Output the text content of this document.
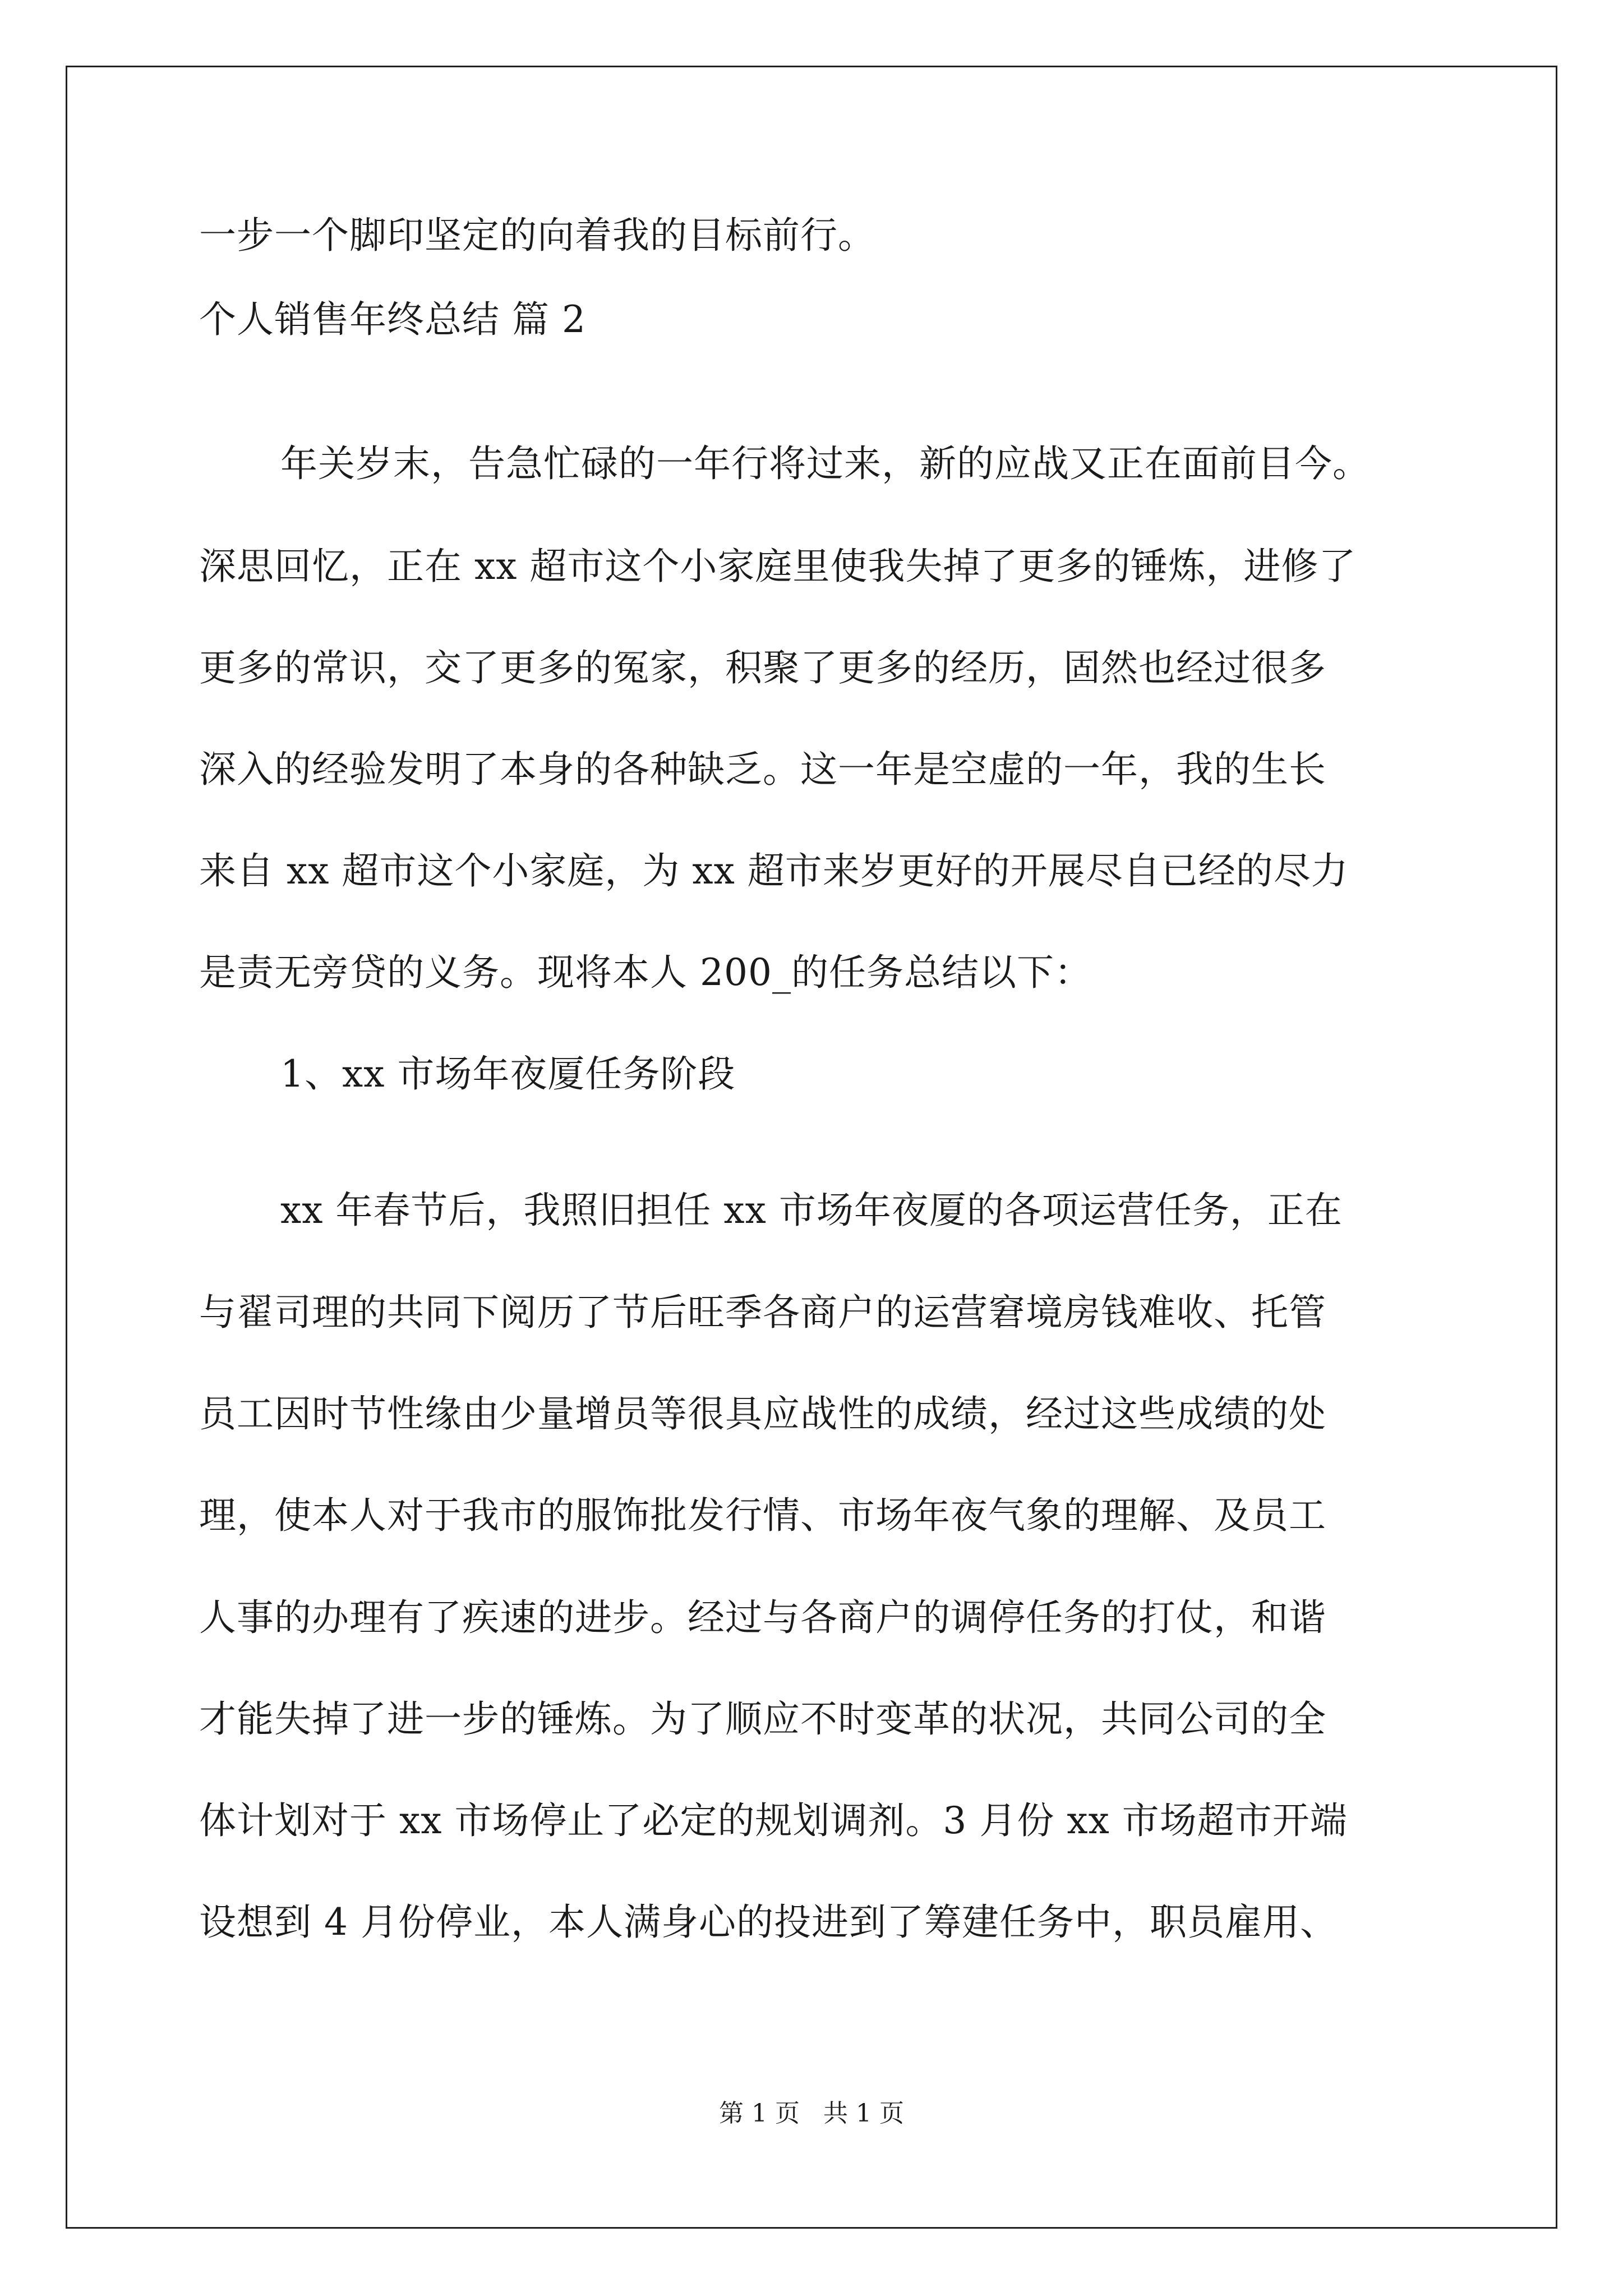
一步一个脚印坚定的向着我的目标前行。
个人销售年终总结 篇 2
年关岁末，告急忙碌的一年行将过来，新的应战又正在面前目今。
深思回忆，正在 xx 超市这个小家庭里使我失掉了更多的锤炼，进修了
更多的常识，交了更多的冤家，积聚了更多的经历，固然也经过很多
深入的经验发明了本身的各种缺乏。这一年是空虚的一年，我的生长
来自 xx 超市这个小家庭，为 xx 超市来岁更好的开展尽自已经的尽力
是责无旁贷的义务。现将本人 200_的任务总结以下：
1、xx 市场年夜厦任务阶段
xx 年春节后，我照旧担任 xx 市场年夜厦的各项运营任务，正在
与翟司理的共同下阅历了节后旺季各商户的运营窘境房钱难收、托管
员工因时节性缘由少量增员等很具应战性的成绩，经过这些成绩的处
理，使本人对于我市的服饰批发行情、市场年夜气象的理解、及员工
人事的办理有了疾速的进步。经过与各商户的调停任务的打仗，和谐
才能失掉了进一步的锤炼。为了顺应不时变革的状况，共同公司的全
体计划对于 xx 市场停止了必定的规划调剂。3 月份 xx 市场超市开端
设想到 4 月份停业，本人满身心的投进到了筹建任务中，职员雇用、
第 1 页 共 1 页
